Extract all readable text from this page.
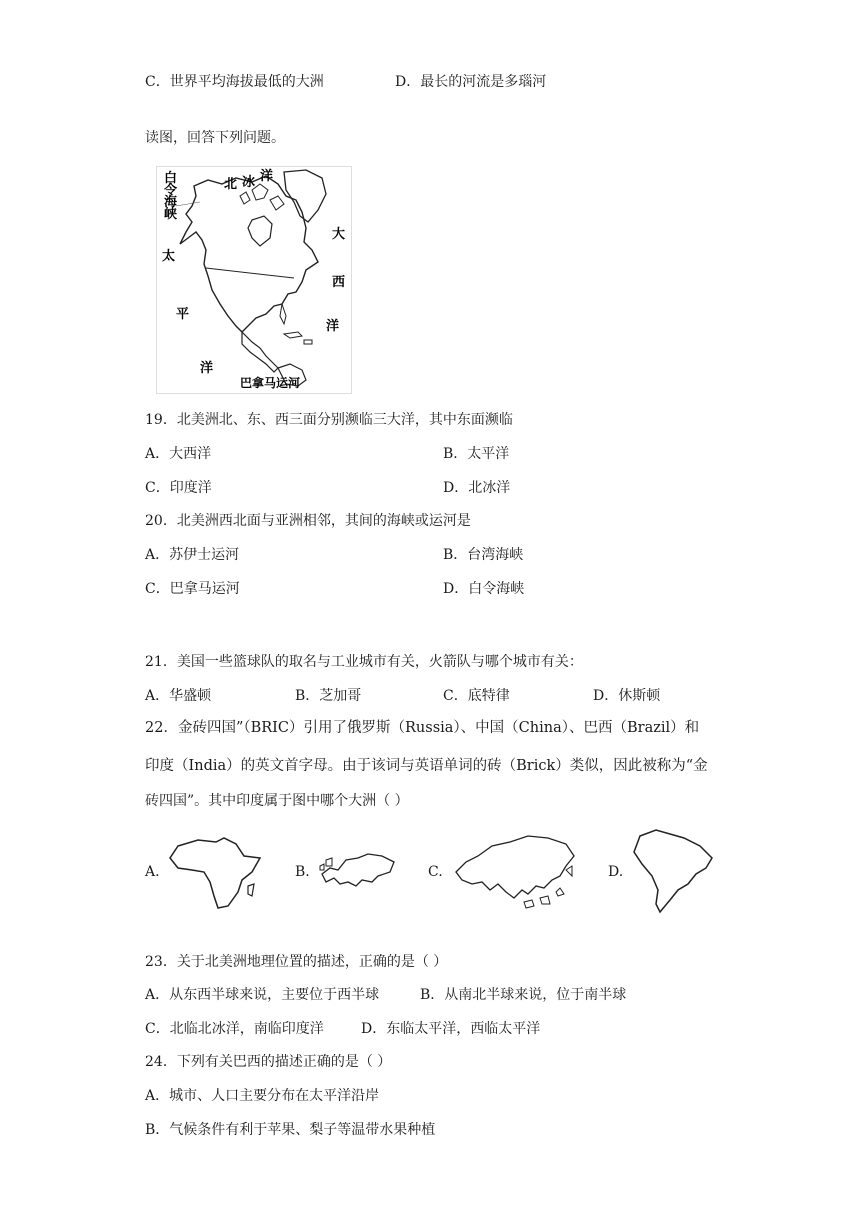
C．世界平均海拔最低的大洲	D．最长的河流是多瑙河
读图，回答下列问题。
白
令
海
峡
北 冰 洋
太
平
洋
大
西
洋
巴拿马运河
19．北美洲北、东、西三面分别濒临三大洋，其中东面濒临
A．大西洋	B．太平洋
C．印度洋	D．北冰洋
20．北美洲西北面与亚洲相邻，其间的海峡或运河是
A．苏伊士运河	B．台湾海峡
C．巴拿马运河	D．白令海峡
21．美国一些篮球队的取名与工业城市有关，火箭队与哪个城市有关：
A．华盛顿	B．芝加哥	C．底特律	D．休斯顿
22．金砖四国”（BRIC）引用了俄罗斯（Russia）、中国（China）、巴西（Brazil）和
印度（India）的英文首字母。由于该词与英语单词的砖（Brick）类似，因此被称为“金
砖四国”。其中印度属于图中哪个大洲（ ）
A.	B.	C.	D.
23．关于北美洲地理位置的描述，正确的是（ ）
A．从东西半球来说，主要位于西半球	B．从南北半球来说，位于南半球
C．北临北冰洋，南临印度洋	D．东临太平洋，西临太平洋
24．下列有关巴西的描述正确的是（ ）
A．城市、人口主要分布在太平洋沿岸
B．气候条件有利于苹果、梨子等温带水果种植
